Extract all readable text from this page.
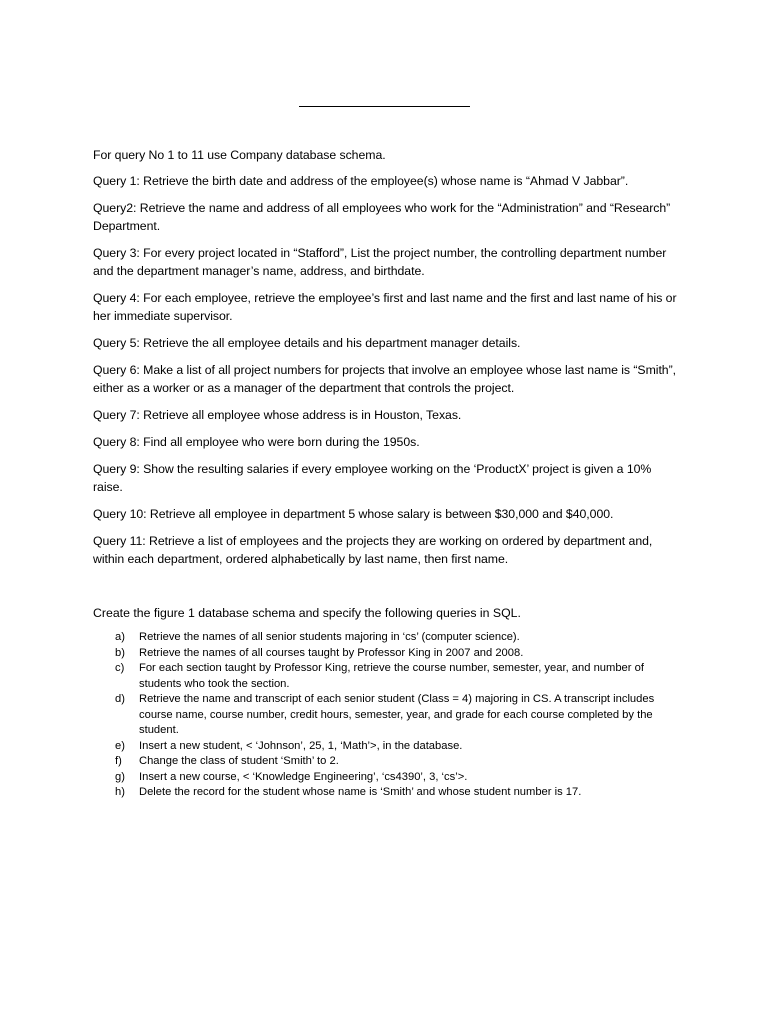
For query No 1 to 11 use Company database schema.

Query 1: Retrieve the birth date and address of the employee(s) whose name is “Ahmad V Jabbar”.

Query2: Retrieve the name and address of all employees who work for the “Administration” and “Research” Department.

Query 3: For every project located in “Stafford”, List the project number, the controlling department number and the department manager’s name, address, and birthdate.

Query 4: For each employee, retrieve the employee’s first and last name and the first and last name of his or her immediate supervisor.

Query 5: Retrieve the all employee details and his department manager details.

Query 6: Make a list of all project numbers for projects that involve an employee whose last name is “Smith”, either as a worker or as a manager of the department that controls the project.

Query 7: Retrieve all employee whose address is in Houston, Texas.

Query 8: Find all employee who were born during the 1950s.

Query 9: Show the resulting salaries if every employee working on the ‘ProductX’ project is given a 10% raise.

Query 10: Retrieve all employee in department 5 whose salary is between $30,000 and $40,000.

Query 11: Retrieve a list of employees and the projects they are working on ordered by department and, within each department, ordered alphabetically by last name, then first name.

Create the figure 1 database schema and specify the following queries in SQL.

a) Retrieve the names of all senior students majoring in ‘cs’ (computer science).
b) Retrieve the names of all courses taught by Professor King in 2007 and 2008.
c) For each section taught by Professor King, retrieve the course number, semester, year, and number of students who took the section.
d) Retrieve the name and transcript of each senior student (Class = 4) majoring in CS. A transcript includes course name, course number, credit hours, semester, year, and grade for each course completed by the student.
e) Insert a new student, < ‘Johnson’, 25, 1, ‘Math’>, in the database.
f) Change the class of student ‘Smith’ to 2.
g) Insert a new course, < ‘Knowledge Engineering’, ‘cs4390’, 3, ‘cs’>.
h) Delete the record for the student whose name is ‘Smith’ and whose student number is 17.
